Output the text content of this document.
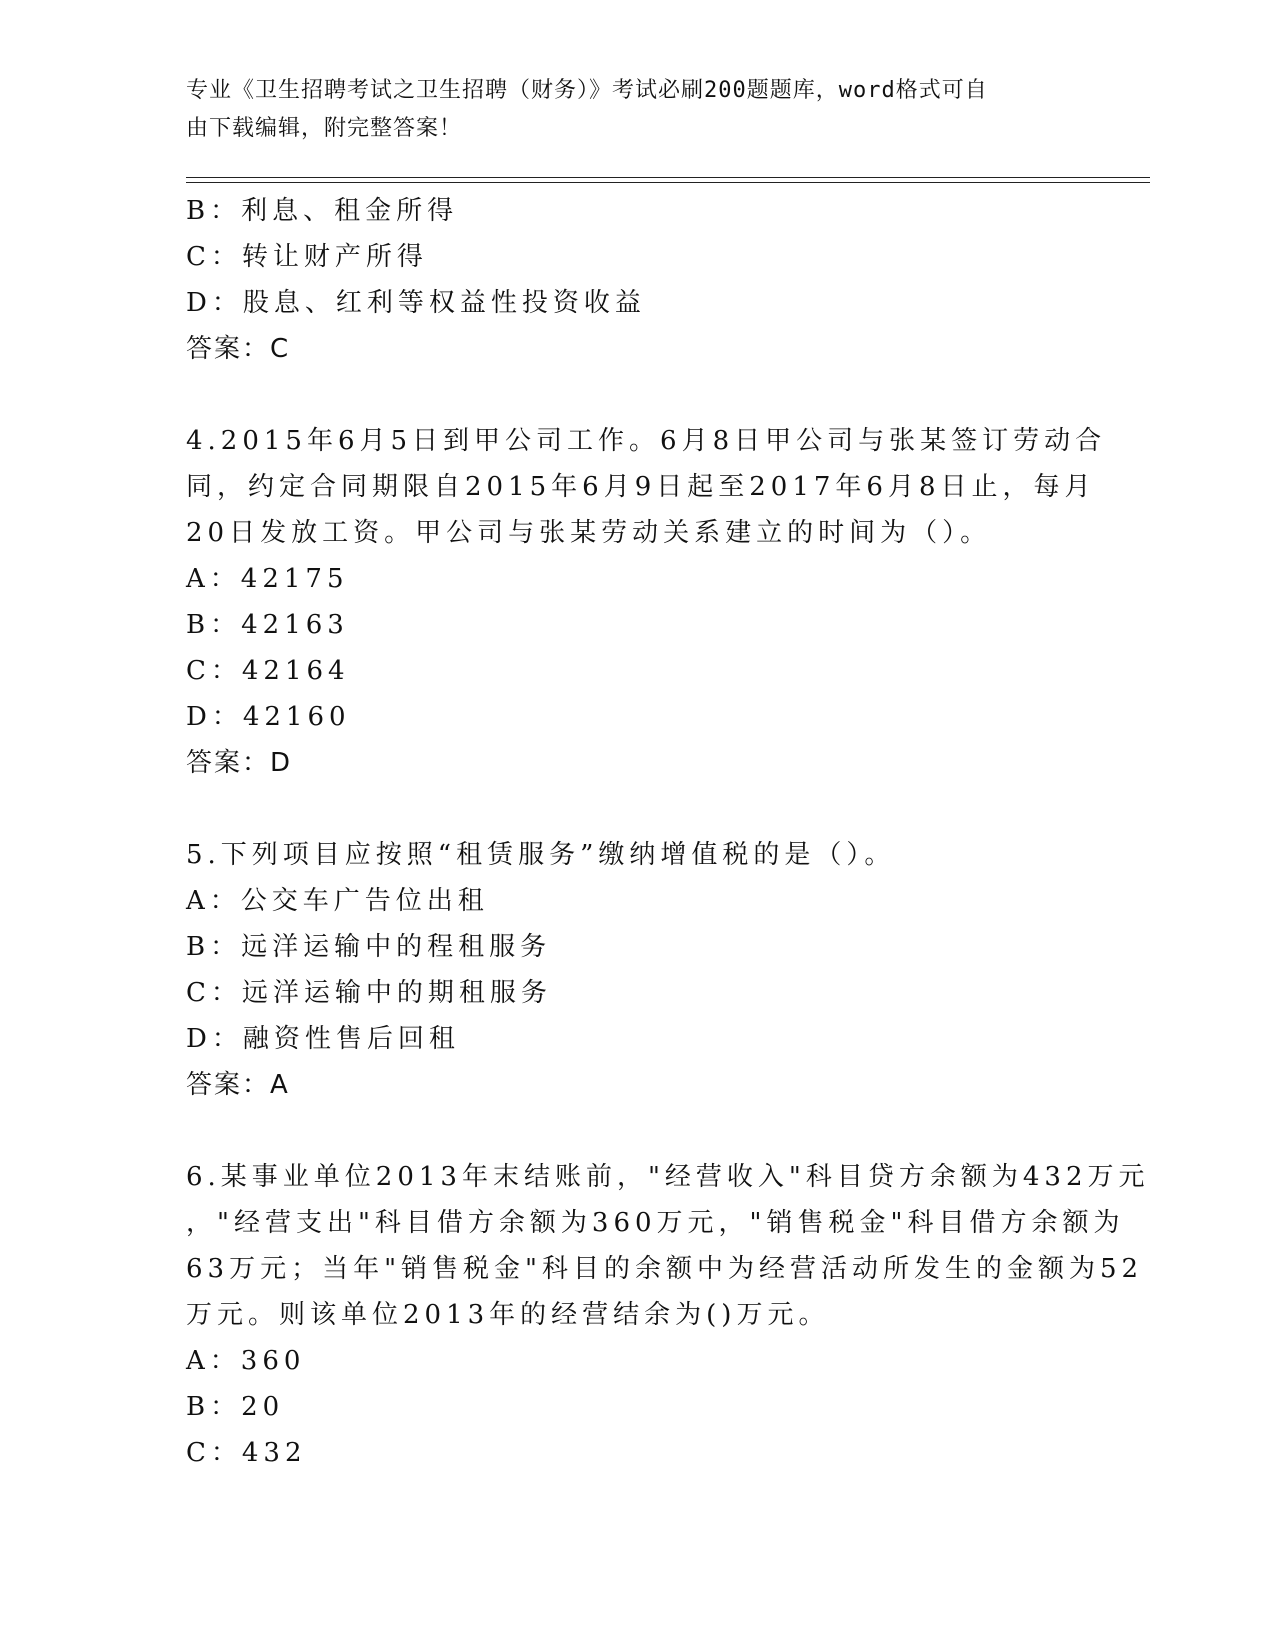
专业《卫生招聘考试之卫生招聘（财务）》考试必刷200题题库，word格式可自
由下载编辑，附完整答案！
B：利息、租金所得
C：转让财产所得
D：股息、红利等权益性投资收益
答案：C
4.2015年6月5日到甲公司工作。6月8日甲公司与张某签订劳动合
同，约定合同期限自2015年6月9日起至2017年6月8日止，每月
20日发放工资。甲公司与张某劳动关系建立的时间为（）。
A：42175
B：42163
C：42164
D：42160
答案：D
5.下列项目应按照“租赁服务”缴纳增值税的是（）。
A：公交车广告位出租
B：远洋运输中的程租服务
C：远洋运输中的期租服务
D：融资性售后回租
答案：A
6.某事业单位2013年末结账前，"经营收入"科目贷方余额为432万元
，"经营支出"科目借方余额为360万元，"销售税金"科目借方余额为
63万元；当年"销售税金"科目的余额中为经营活动所发生的金额为52
万元。则该单位2013年的经营结余为()万元。
A：360
B：20
C：432
